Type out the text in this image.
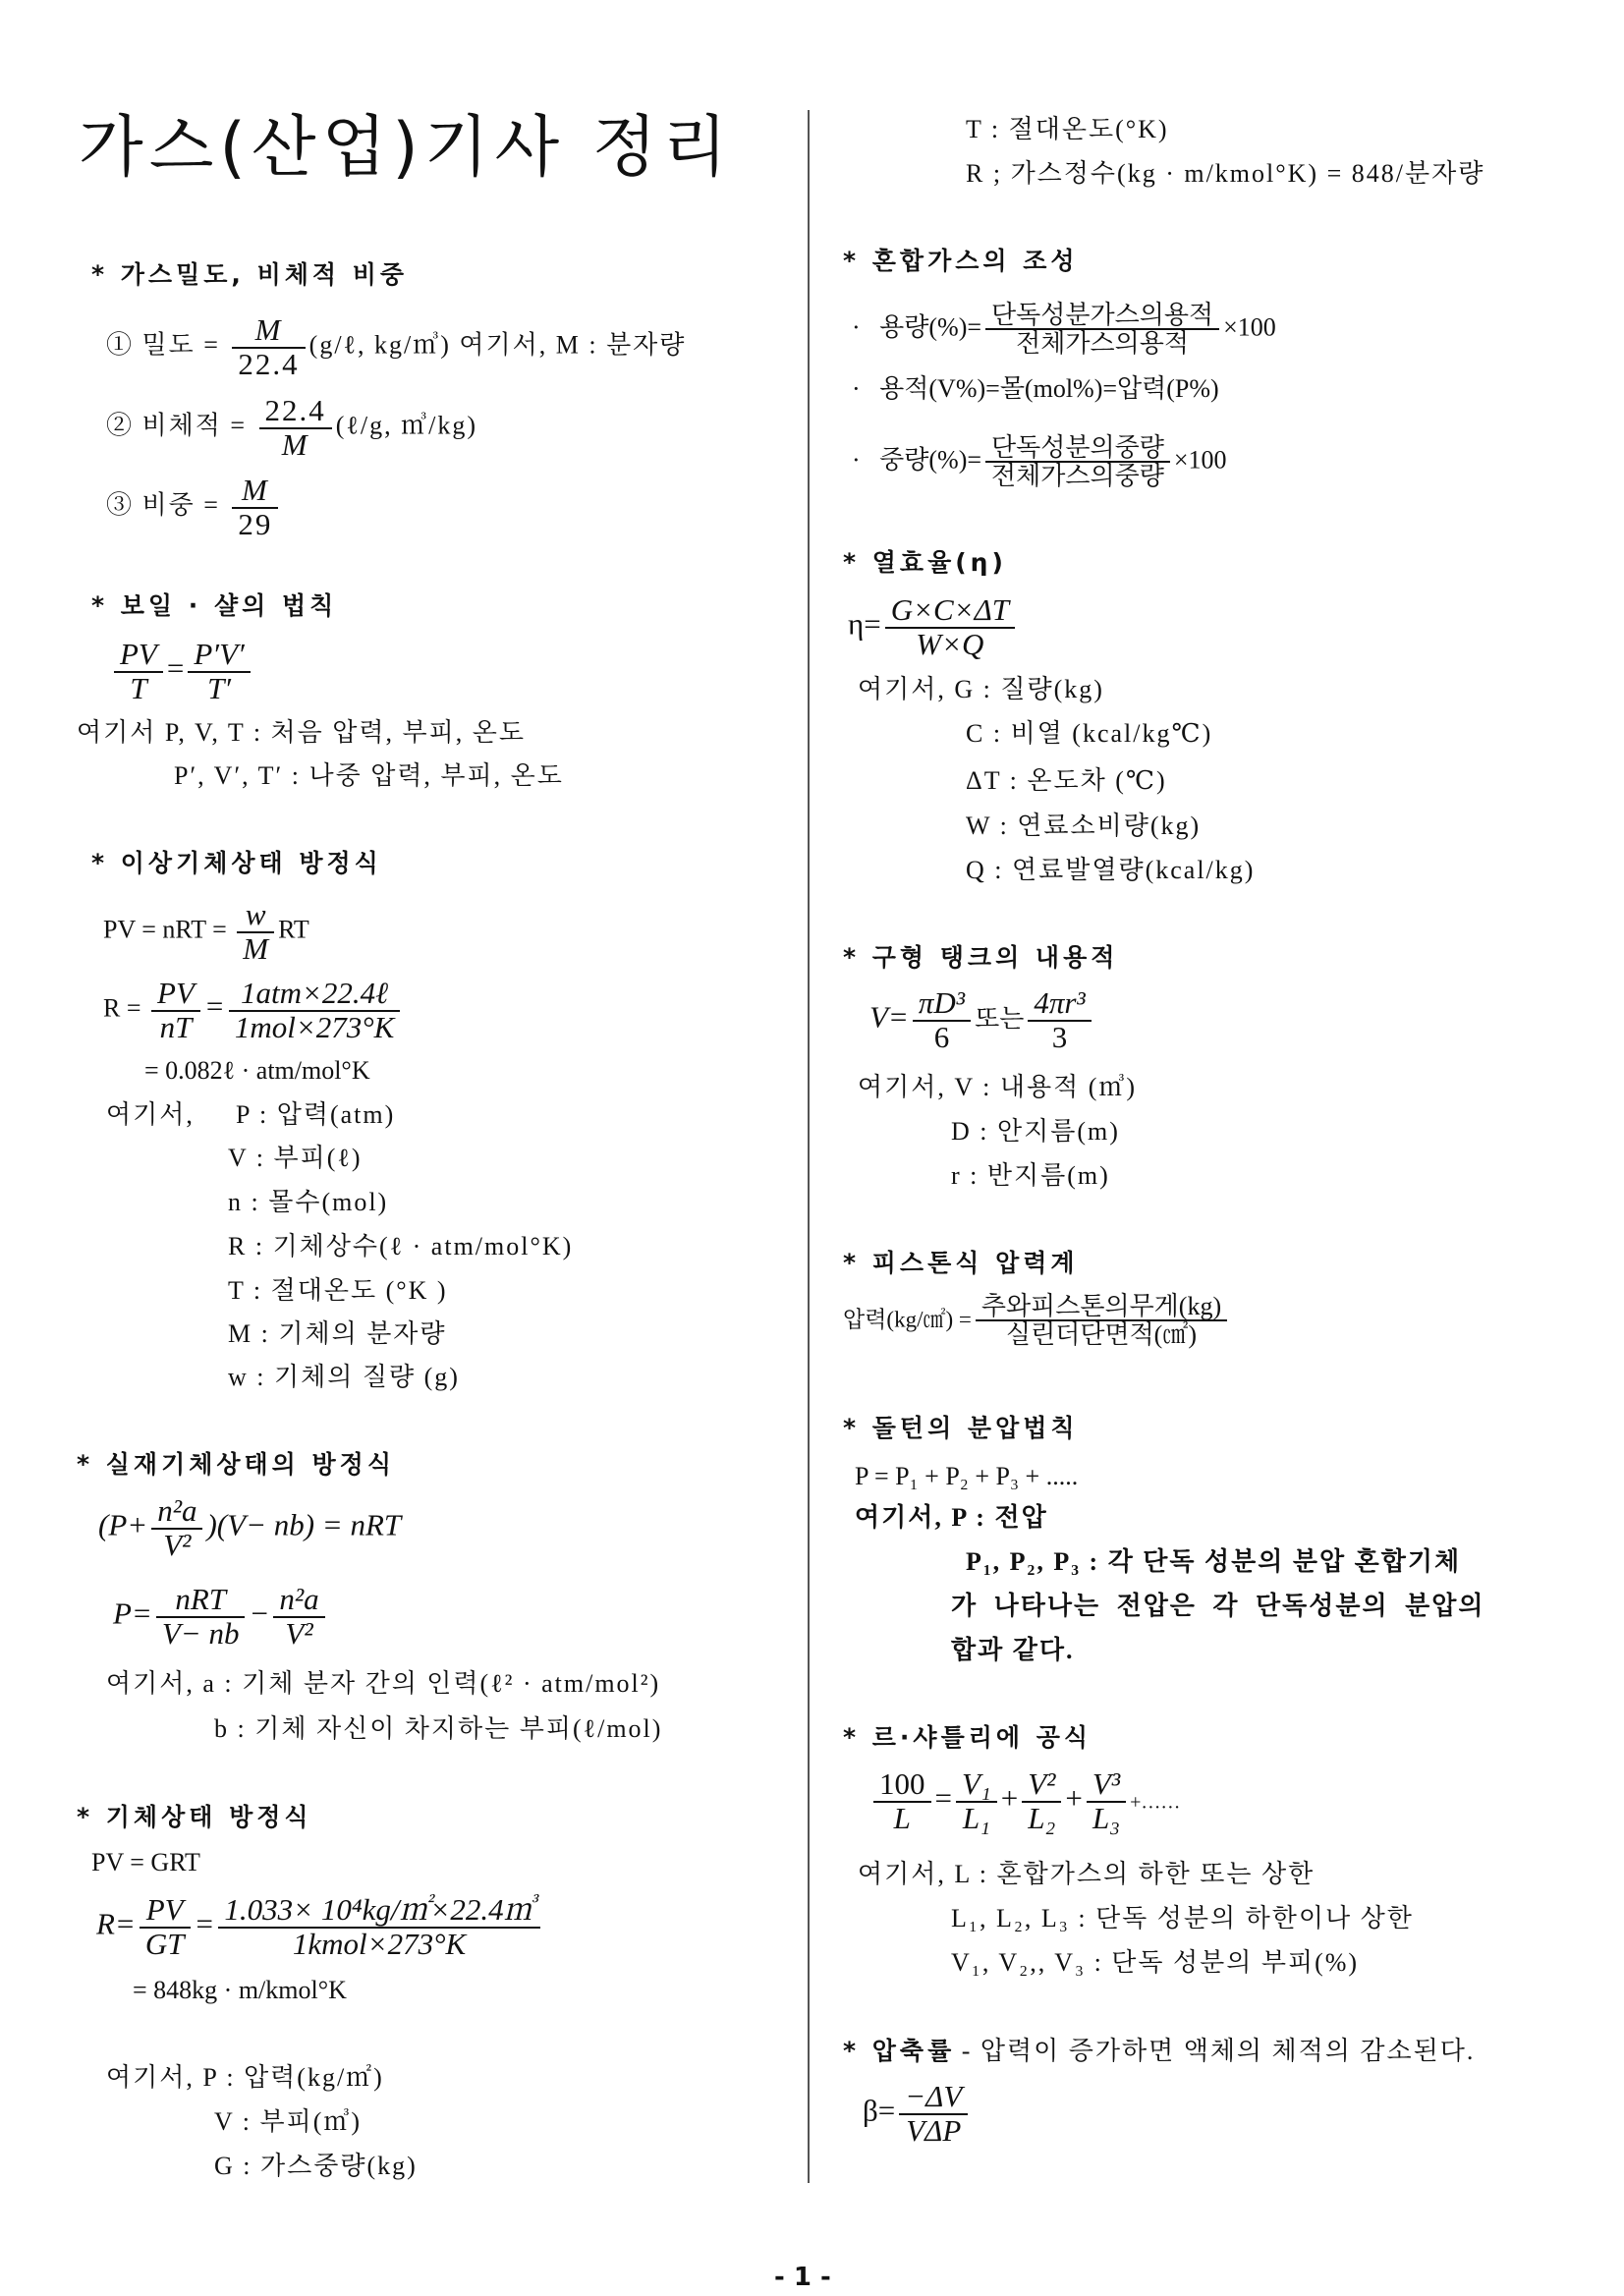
가스(산업)기사 정리
* 가스밀도, 비체적 비중
① 밀도 = $\frac{M}{22.4}$ (g/ℓ, kg/㎥) 여기서, M : 분자량
② 비체적 = $\frac{22.4}{M}$ (ℓ/g, ㎥/kg)
③ 비중 = $\frac{M}{29}$
* 보일 · 샬의 법칙
$\frac{PV}{T} = \frac{P'V'}{T'}$
여기서 P, V, T : 처음 압력, 부피, 온도
P′, V′, T′ : 나중 압력, 부피, 온도
* 이상기체상태 방정식
PV = nRT = $\frac{w}{M}$ RT
$R = \frac{PV}{nT} = \frac{\text{1atm×22.4ℓ}}{\text{1mol×273°K}}$
= 0.082ℓ · atm/mol°K
여기서, P : 압력(atm)
V : 부피(ℓ)
n : 몰수(mol)
R : 기체상수(ℓ · atm/mol°K)
T : 절대온도 (°K )
M : 기체의 분자량
w : 기체의 질량 (g)
* 실재기체상태의 방정식
$(P+ \frac{\text{n²a}}{\text{V²}} )(V- nb)$ = nRT
$P= \frac{\text{nRT}}{V- nb} - \frac{\text{n²a}}{\text{V²}}$
여기서, a : 기체 분자 간의 인력(ℓ² · atm/mol²)
b : 기체 자신이 차지하는 부피(ℓ/mol)
* 기체상태 방정식
PV = GRT
$R= \frac{PV}{GT} = \frac{\text{1.033× 10⁴kg/㎡×22.4㎥}}{\text{1kmol×273°K}}$
= 848kg · m/kmol°K
여기서, P : 압력(kg/㎡)
V : 부피(㎥)
G : 가스중량(kg)
T : 절대온도(°K)
R ; 가스정수(kg · m/kmol°K) = 848/분자량
* 혼합가스의 조성
· 용량(%)= $\frac{\text{단독성분가스의용적}}{\text{전체가스의용적}} \times 100$
· 용적(V%)=몰(mol%)=압력(P%)
· 중량(%)= $\frac{\text{단독성분의중량}}{\text{전체가스의중량}} \times 100$
* 열효율(η)
$\eta= \frac{G\times C\times\Delta T}{W\times Q}$
여기서, G : 질량(kg)
C : 비열 (kcal/kg℃)
ΔT : 온도차 (℃)
W : 연료소비량(kg)
Q : 연료발열량(kcal/kg)
* 구형 탱크의 내용적
$V= \frac{\text{πD³}}{6}$ 또는 $\frac{\text{4πr³}}{3}$
여기서, V : 내용적 (㎥)
D : 안지름(m)
r : 반지름(m)
* 피스톤식 압력계
압력(kg/㎠) = $\frac{\text{추와피스톤의무게(kg)}}{\text{실린더단면적(㎠)}}$
* 돌턴의 분압법칙
P = P₁ + P₂ + P₃ + .....
여기서, P : 전압
P₁, P₂, P₃ : 각 단독 성분의 분압 혼합기체
가 나타나는 전압은 각 단독성분의 분압의
합과 같다.
* 르·샤틀리에 공식
$\frac{100}{L} = \frac{\text{V₁}}{\text{L₁}} + \frac{\text{V²}}{\text{L₂}} + \frac{\text{V³}}{\text{L₃}}$ +……
여기서, L : 혼합가스의 하한 또는 상한
L₁, L₂, L₃ : 단독 성분의 하한이나 상한
V₁, V₂,, V₃ : 단독 성분의 부피(%)
* 압축률 - 압력이 증가하면 액체의 체적의 감소된다.
$\beta= \frac{-\Delta V}{\text{VΔP}}$
- 1 -
